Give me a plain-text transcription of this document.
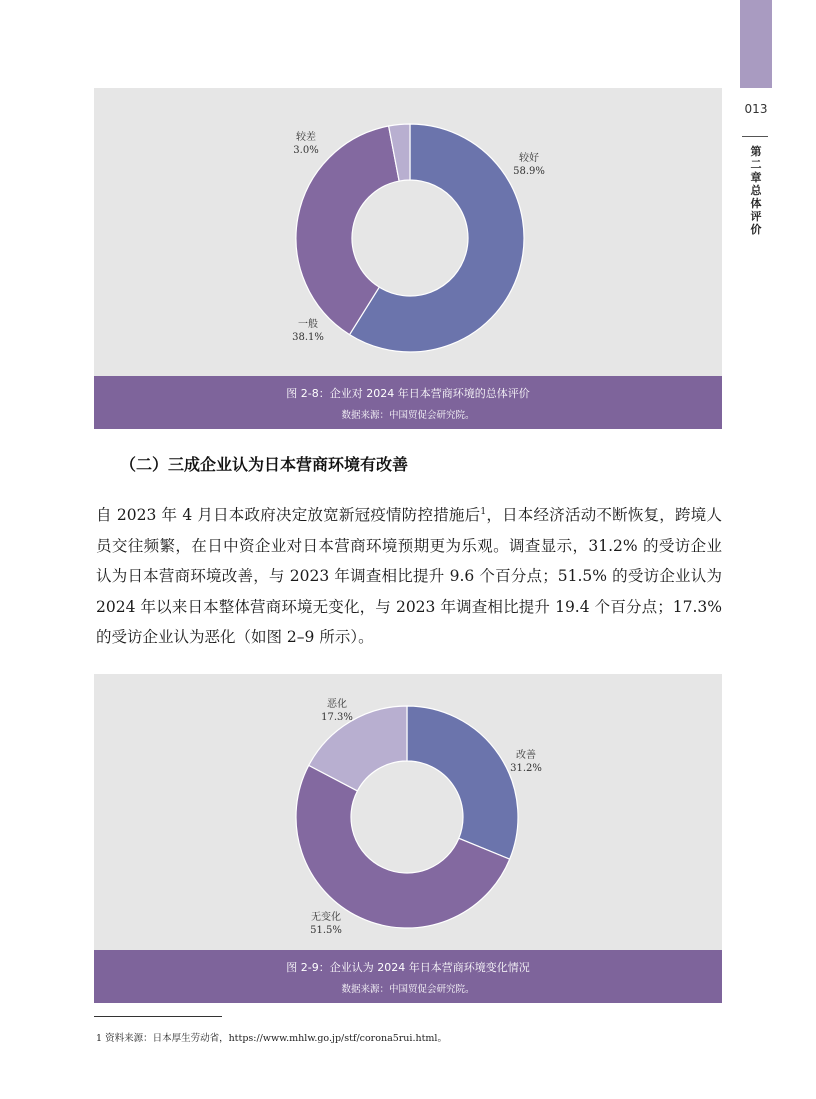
013
第二章 总体评价
较好
58.9%
一般
38.1%
较差
3.0%
图 2-8：企业对 2024 年日本营商环境的总体评价
数据来源：中国贸促会研究院。
（二）三成企业认为日本营商环境有改善
自 2023 年 4 月日本政府决定放宽新冠疫情防控措施后$^1$，日本经济活动不断恢复，跨境人员交往频繁，在日中资企业对日本营商环境预期更为乐观。调查显示，31.2% 的受访企业认为日本营商环境改善，与 2023 年调查相比提升 9.6 个百分点；51.5% 的受访企业认为 2024 年以来日本整体营商环境无变化，与 2023 年调查相比提升 19.4 个百分点；17.3% 的受访企业认为恶化（如图 2–9 所示）。
改善
31.2%
无变化
51.5%
恶化
17.3%
图 2-9：企业认为 2024 年日本营商环境变化情况
数据来源：中国贸促会研究院。
1 资料来源：日本厚生劳动省，https://www.mhlw.go.jp/stf/corona5rui.html。
